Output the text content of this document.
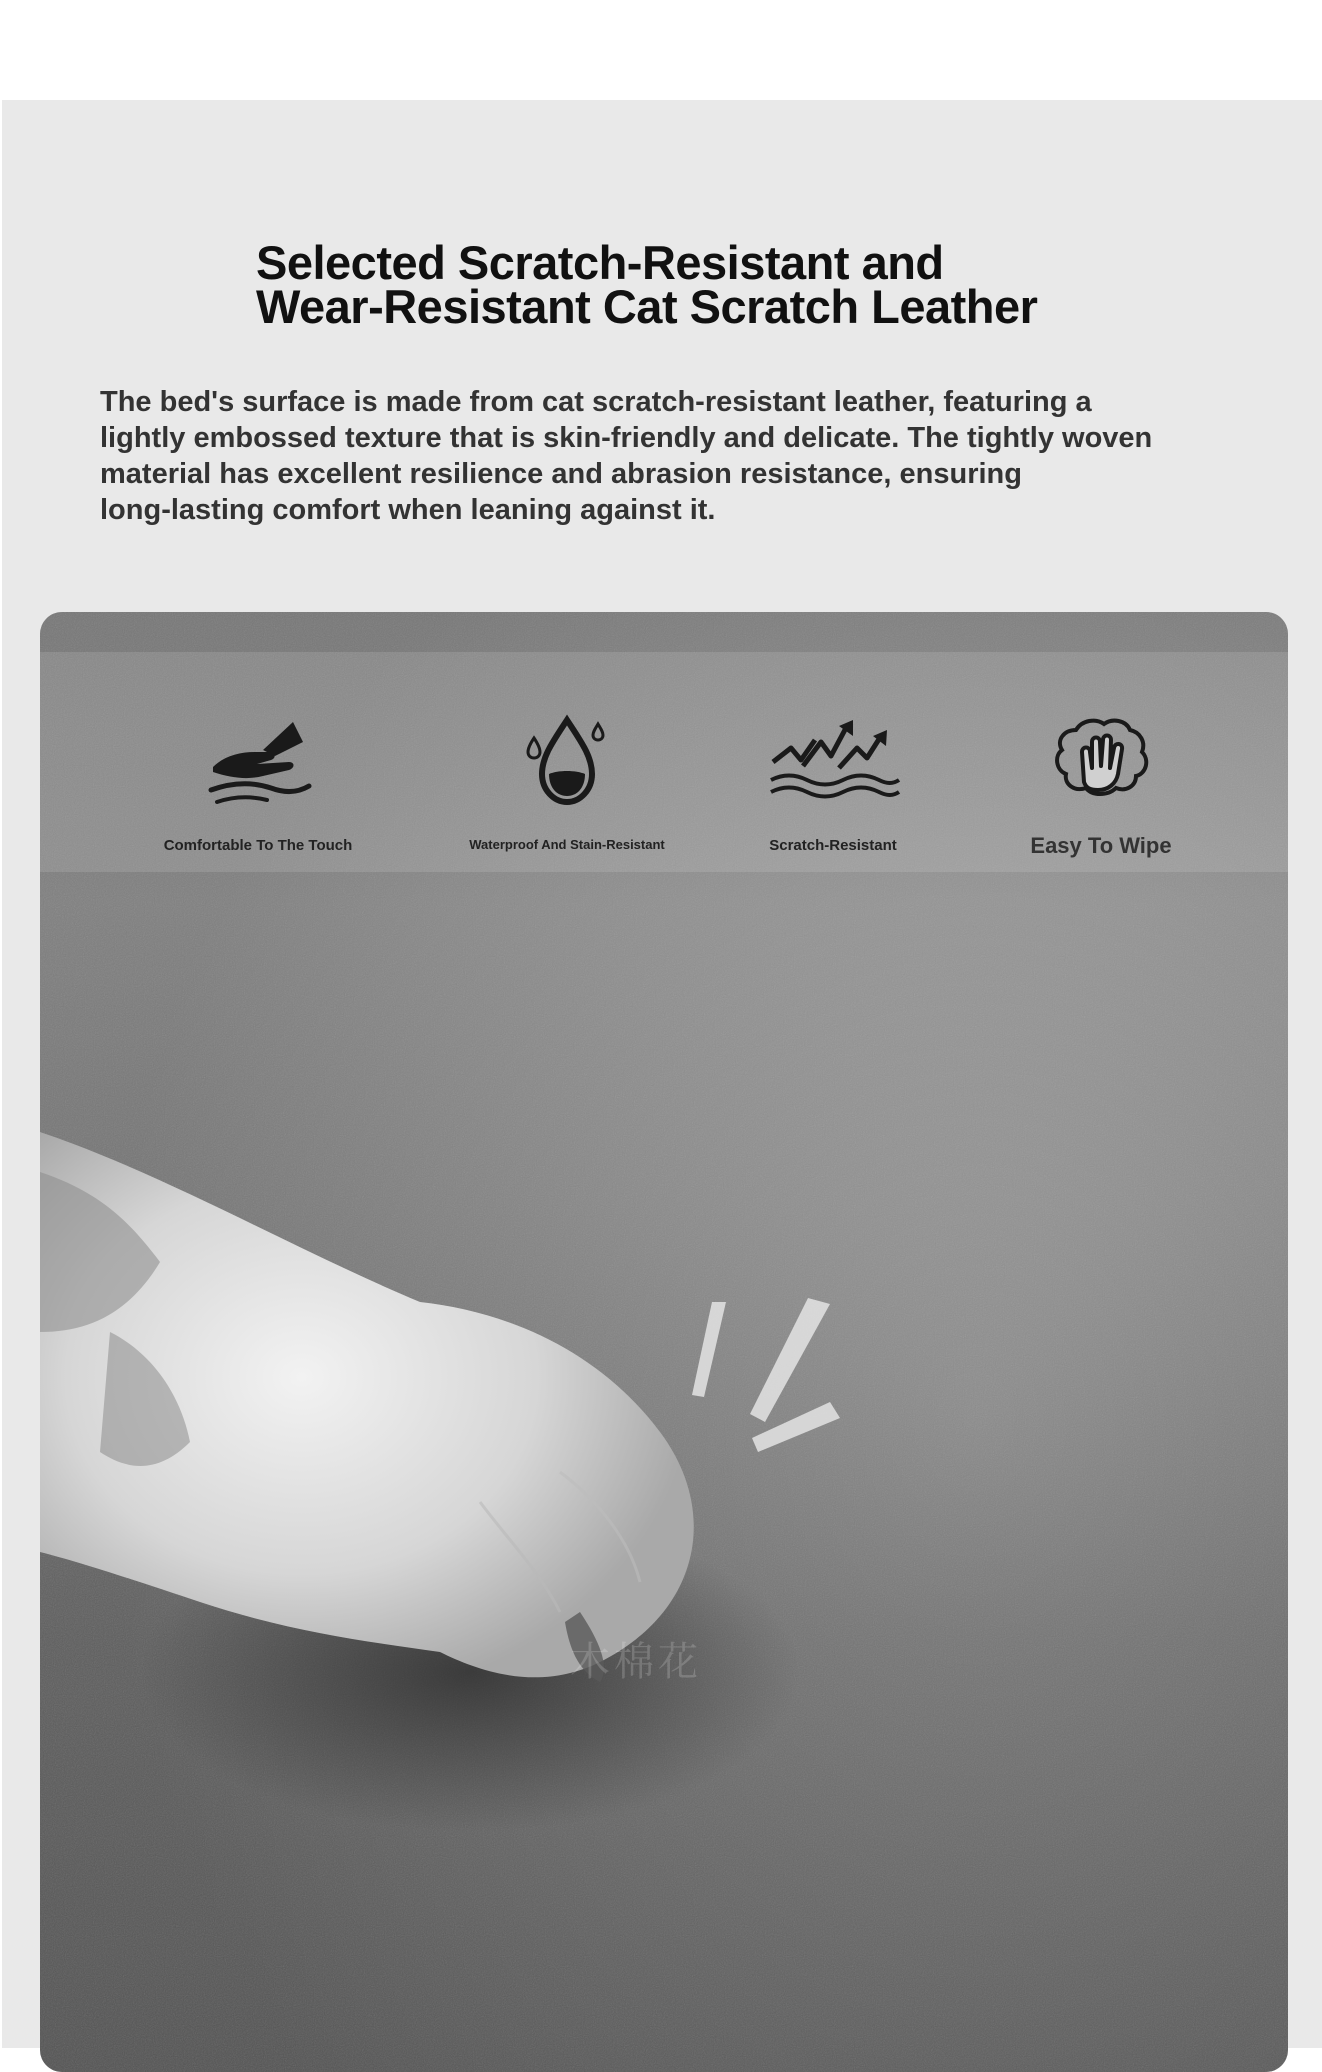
Selected Scratch-Resistant and
Wear-Resistant Cat Scratch Leather

The bed's surface is made from cat scratch-resistant leather, featuring a
lightly embossed texture that is skin-friendly and delicate. The tightly woven
material has excellent resilience and abrasion resistance, ensuring
long-lasting comfort when leaning against it.

Comfortable To The Touch	Waterproof And Stain-Resistant	Scratch-Resistant	Easy To Wipe
木棉花
